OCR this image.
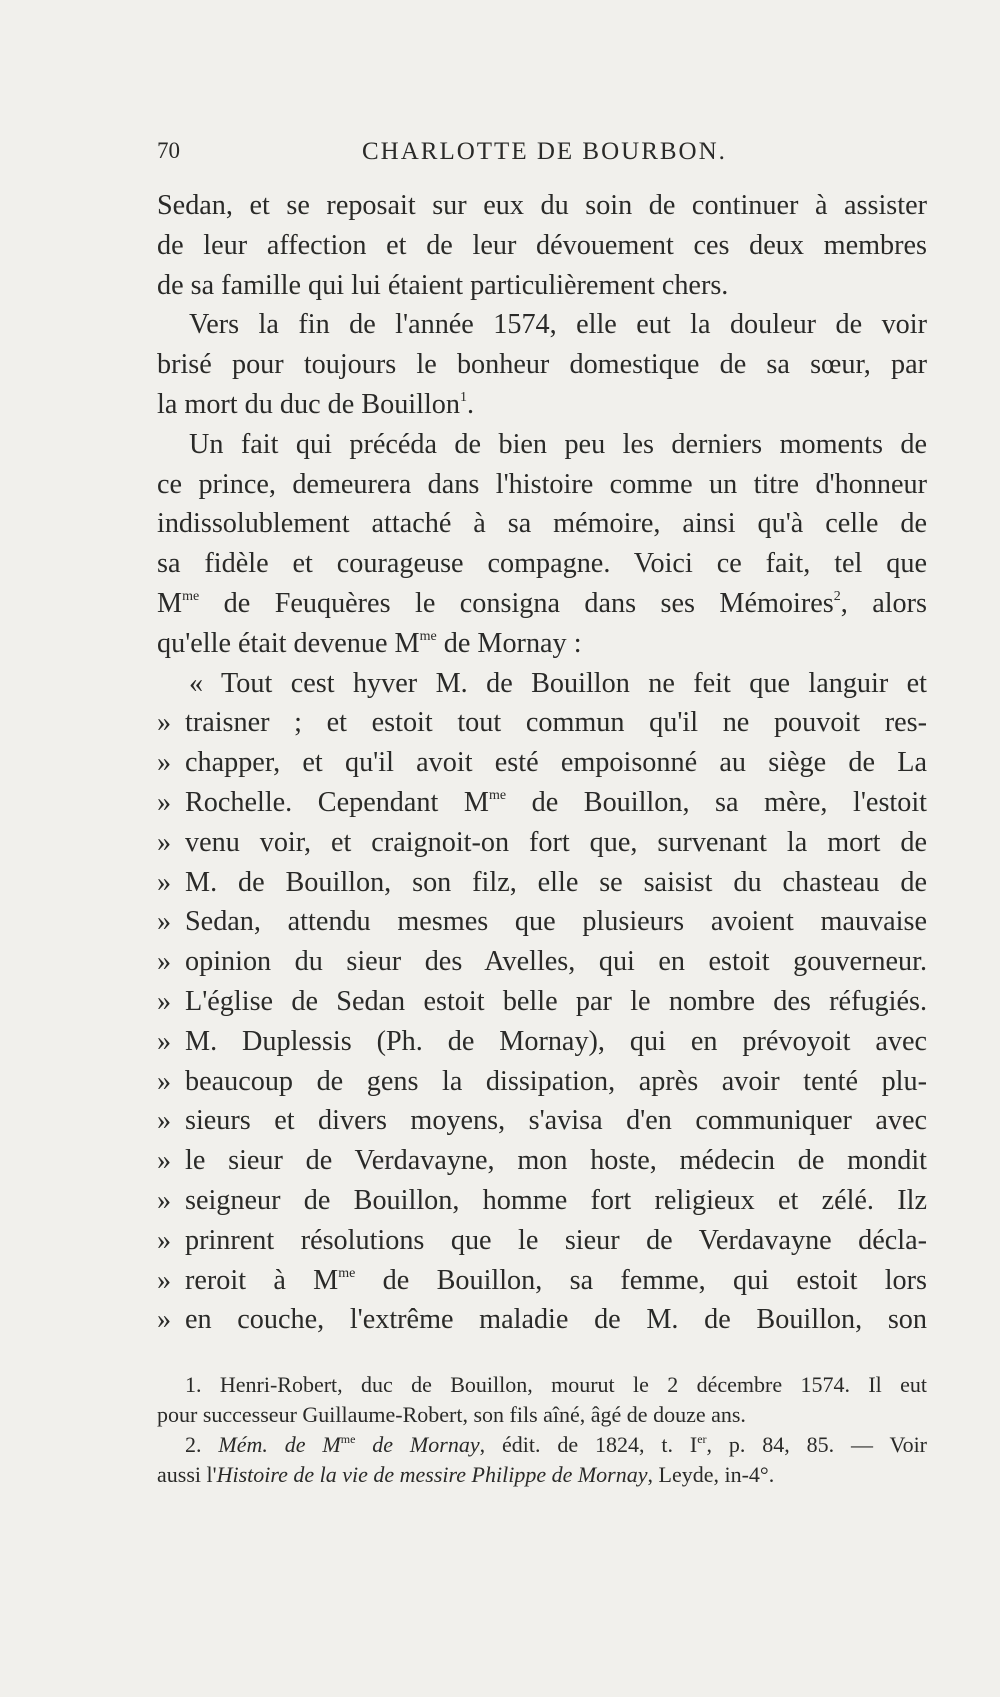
70	CHARLOTTE DE BOURBON.
Sedan, et se reposait sur eux du soin de continuer à assister
de leur affection et de leur dévouement ces deux membres
de sa famille qui lui étaient particulièrement chers.
Vers la fin de l'année 1574, elle eut la douleur de voir
brisé pour toujours le bonheur domestique de sa sœur, par
la mort du duc de Bouillon$^1$.
Un fait qui précéda de bien peu les derniers moments de
ce prince, demeurera dans l'histoire comme un titre d'honneur
indissolublement attaché à sa mémoire, ainsi qu'à celle de
sa fidèle et courageuse compagne. Voici ce fait, tel que
$M^{me}$ de Feuquères le consigna dans ses Mémoires$^2$, alors
qu'elle était devenue $M^{me}$ de Mornay :
« Tout cest hyver M. de Bouillon ne feit que languir et
» traisner ; et estoit tout commun qu'il ne pouvoit res-
» chapper, et qu'il avoit esté empoisonné au siège de La
» Rochelle. Cependant $M^{me}$ de Bouillon, sa mère, l'estoit
» venu voir, et craignoit-on fort que, survenant la mort de
» M. de Bouillon, son filz, elle se saisist du chasteau de
» Sedan, attendu mesmes que plusieurs avoient mauvaise
» opinion du sieur des Avelles, qui en estoit gouverneur.
» L'église de Sedan estoit belle par le nombre des réfugiés.
» M. Duplessis (Ph. de Mornay), qui en prévoyoit avec
» beaucoup de gens la dissipation, après avoir tenté plu-
» sieurs et divers moyens, s'avisa d'en communiquer avec
» le sieur de Verdavayne, mon hoste, médecin de mondit
» seigneur de Bouillon, homme fort religieux et zélé. Ilz
» prinrent résolutions que le sieur de Verdavayne décla-
» reroit à $M^{me}$ de Bouillon, sa femme, qui estoit lors
» en couche, l'extrême maladie de M. de Bouillon, son
1. Henri-Robert, duc de Bouillon, mourut le 2 décembre 1574. Il eut
pour successeur Guillaume-Robert, son fils aîné, âgé de douze ans.
2. Mém. de $M^{me}$ de Mornay, édit. de 1824, t. Ier, p. 84, 85. — Voir
aussi l'Histoire de la vie de messire Philippe de Mornay, Leyde, in-4°.
